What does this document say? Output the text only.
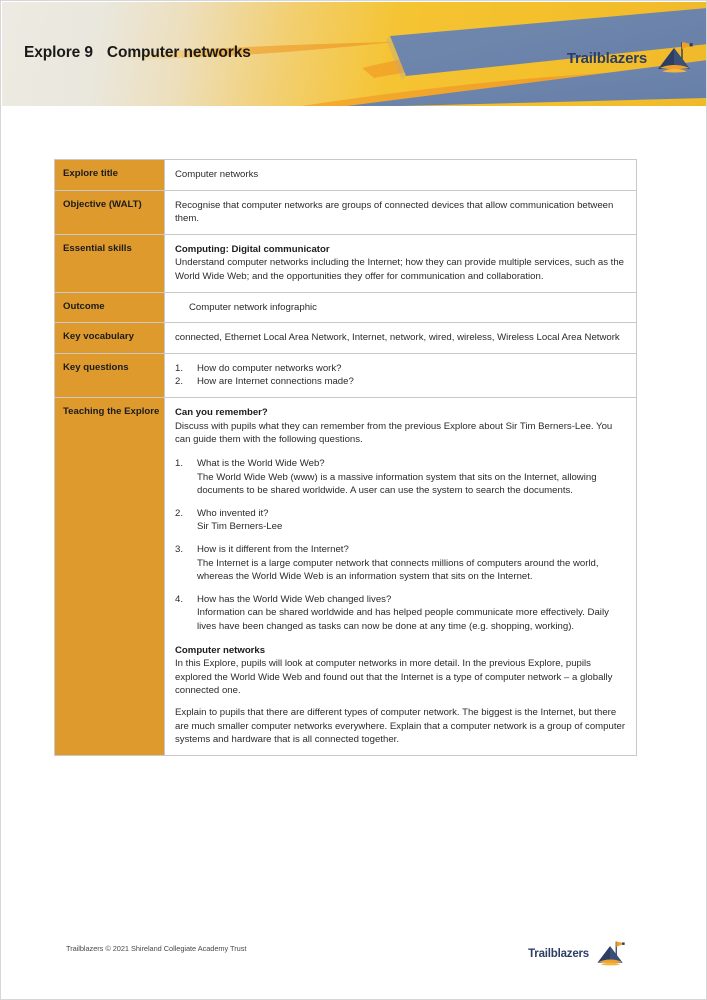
Explore 9 Computer networks	Trailblazers
Explore title	Computer networks

Objective (WALT)	Recognise that computer networks are groups of connected devices that allow communication between them.

Essential skills	Computing: Digital communicator

Understand computer networks including the Internet; how they can provide multiple services, such as the World Wide Web; and the opportunities they offer for communication and collaboration.

Outcome	Computer network infographic

Key vocabulary	connected, Ethernet Local Area Network, Internet, network, wired, wireless, Wireless Local Area Network

Key questions	1.	How do computer networks work?
2.	How are Internet connections made?
Teaching the Explore	Can you remember?

Discuss with pupils what they can remember from the previous Explore about Sir Tim Berners-Lee. You can guide them with the following questions.

1.	What is the World Wide Web?
The World Wide Web (www) is a massive information system that sits on the Internet, allowing documents to be shared worldwide. A user can use the system to search the documents.
2.	Who invented it?
Sir Tim Berners-Lee
3.	How is it different from the Internet?
The Internet is a large computer network that connects millions of computers around the world, whereas the World Wide Web is an information system that sits on the Internet.
4.	How has the World Wide Web changed lives?
Information can be shared worldwide and has helped people communicate more effectively. Daily lives have been changed as tasks can now be done at any time (e.g. shopping, working).

Computer networks

In this Explore, pupils will look at computer networks in more detail. In the previous Explore, pupils explored the World Wide Web and found out that the Internet is a type of computer network – a globally connected one.

Explain to pupils that there are different types of computer network. The biggest is the Internet, but there are much smaller computer networks everywhere. Explain that a computer network is a group of computer systems and hardware that is all connected together.

Trailblazers © 2021 Shireland Collegiate Academy Trust	Trailblazers
